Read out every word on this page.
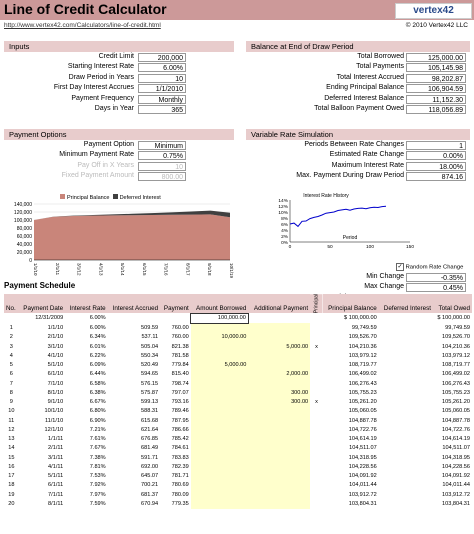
Line of Credit Calculator	vertex42
http://www.vertex42.com/Calculators/line-of-credit.html	© 2010 Vertex42 LLC
Inputs
Credit Limit	200,000
Starting Interest Rate	6.00%
Draw Period in Years	10
First Day Interest Accrues	1/1/2010
Payment Frequency	Monthly
Days in Year	365
Balance at End of Draw Period
Total Borrowed	125,000.00
Total Payments	105,145.98
Total Interest Accrued	98,202.87
Ending Principal Balance	106,904.59
Deferred Interest Balance	11,152.30
Total Balloon Payment Owed	118,056.89
Payment Options
Payment Option	Minimum
Minimum Payment Rate	0.75%
Pay Off in X Years	10
Fixed Payment Amount	800.00
Variable Rate Simulation
Periods Between Rate Changes	1
Estimated Rate Change	0.00%
Maximum Interest Rate	18.00%
Max. Payment During Draw Period	874.16
Principal Balance Deferred Interest
140,000
120,000
100,000
80,000
60,000
40,000
20,000
0
1/1/10	2/1/11	3/1/12	4/1/13	5/1/14	6/1/15	7/1/16	8/1/17	9/1/18	10/1/19
Interest Rate History
14%
12%
10%
8%
6%
4%
2%
0%
0	50	100	150
Period
✓ Random Rate Change
Min Change	-0.35%
Max Change	0.45%
Payment Schedule
No.	Payment Date	Interest Rate	Interest Accrued	Payment	Amount Borrowed	Additional Payment	Principal	Principal Balance	Deferred Interest	Total Owed
	12/31/2009	6.00%			100,000.00			$ 100,000.00		$ 100,000.00
1	1/1/10	6.00%	509.59	760.00				99,749.59		99,749.59
2	2/1/10	6.34%	537.11	760.00	10,000.00			109,526.70		109,526.70
3	3/1/10	6.01%	505.04	821.38		5,000.00	x	104,210.36		104,210.36
4	4/1/10	6.22%	550.34	781.58				103,979.12		103,979.12
5	5/1/10	6.09%	520.49	779.84	5,000.00			108,719.77		108,719.77
6	6/1/10	6.44%	594.65	815.40		2,000.00		106,499.02		106,499.02
7	7/1/10	6.58%	576.15	798.74				106,276.43		106,276.43
8	8/1/10	6.38%	575.87	797.07		300.00		105,755.23		105,755.23
9	9/1/10	6.67%	599.13	793.16		300.00	x	105,261.20		105,261.20
10	10/1/10	6.80%	588.31	789.46				105,060.05		105,060.05
11	11/1/10	6.90%	615.68	787.95				104,887.78		104,887.78
12	12/1/10	7.21%	621.64	786.66				104,722.76		104,722.76
13	1/1/11	7.61%	676.85	785.42				104,614.19		104,614.19
14	2/1/11	7.67%	681.49	784.61				104,511.07		104,511.07
15	3/1/11	7.38%	591.71	783.83				104,318.95		104,318.95
16	4/1/11	7.81%	692.00	782.39				104,228.56		104,228.56
17	5/1/11	7.53%	645.07	781.71				104,091.92		104,091.92
18	6/1/11	7.92%	700.21	780.69				104,011.44		104,011.44
19	7/1/11	7.97%	681.37	780.09				103,912.72		103,912.72
20	8/1/11	7.59%	670.94	779.35				103,804.31		103,804.31
